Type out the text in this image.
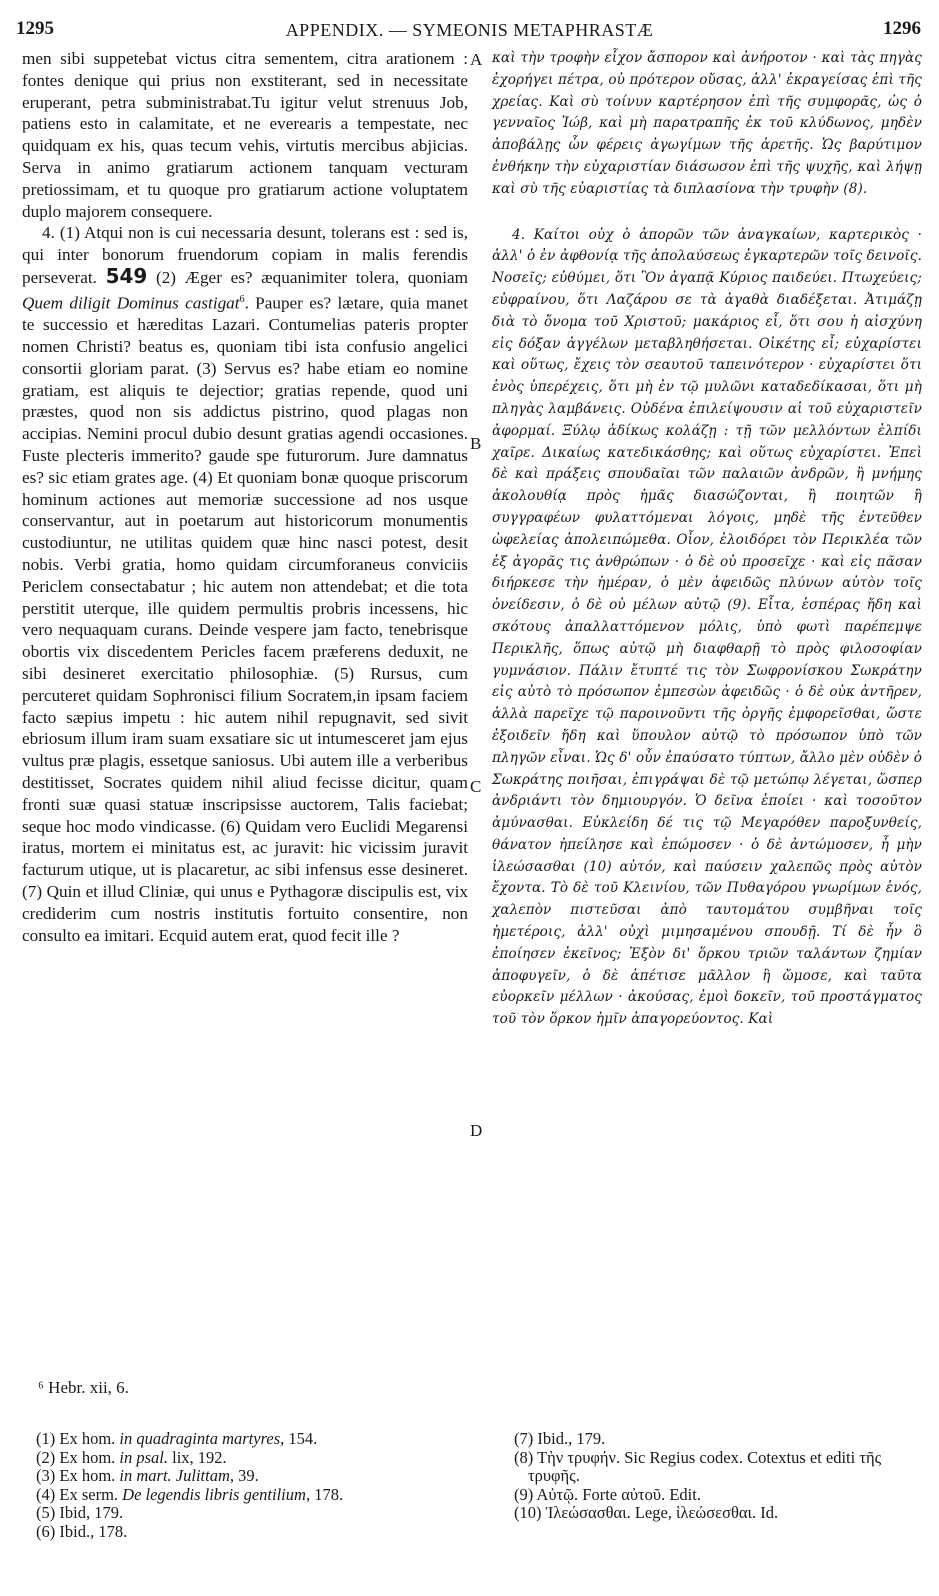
1295	APPENDIX. — SYMEONIS METAPHRASTÆ	1296

men sibi suppetebat victus citra sementem, citra arationem : fontes denique qui prius non exstiterant, sed in necessitate eruperant, petra subministrabat.Tu igitur velut strenuus Job, patiens esto in calamitate, et ne everearis a tempestate, nec quidquam ex his, quas tecum vehis, virtutis mercibus abjicias. Serva in animo gratiarum actionem tanquam vecturam pretiossimam, et tu quoque pro gratiarum actione voluptatem duplo majorem consequere.

4. (1) Atqui non is cui necessaria desunt, tolerans est : sed is, qui inter bonorum fruendorum copiam in malis ferendis perseverat. 549 (2) Æger es? æquanimiter tolera, quoniam Quem diligit Dominus castigat$^6$. Pauper es? lætare, quia manet te successio et hæreditas Lazari. Contumelias pateris propter nomen Christi? beatus es, quoniam tibi ista confusio angelici consortii gloriam parat. (3) Servus es? habe etiam eo nomine gratiam, est aliquis te dejectior; gratias rependе, quod uni præstes, quod non sis addictus pistrino, quod plagas non accipias. Nemini procul dubio desunt gratias agendi occasiones. Fuste plecteris immerito? gaude spe futurorum. Jure damnatus es? sic etiam grates age. (4) Et quoniam bonæ quoque priscorum hominum actiones aut memoriæ successione ad nos usque conservantur, aut in poetarum aut historicorum monumentis custodiuntur, ne utilitas quidem quæ hinc nasci potest, desit nobis. Verbi gratia, homo quidam circumforaneus conviciis Periclem consectabatur ; hic autem non attendebat; et die tota perstitit uterque, ille quidem permultis probris incessens, hic vero nequaquam curans. Deinde vespere jam facto, tenebrisque obortis vix discedentem Pericles facem præferens deduxit, ne sibi desineret exercitatio philosophiæ. (5) Rursus, cum percuteret quidam Sophronisci filium Socratem,in ipsam faciem facto sæpius impetu : hic autem nihil repugnavit, sed sivit ebriosum illum iram suam exsatiare sic ut intumesceret jam ejus vultus præ plagis, essetque saniosus. Ubi autem ille a verberibus destitisset, Socrates quidem nihil aliud fecisse dicitur, quam fronti suæ quasi statuæ inscripsisse auctorem, Talis faciebat; seque hoc modo vindicasse. (6) Quidam vero Euclidi Megarensi iratus, mortem ei minitatus est, ac juravit: hic vicissim juravit facturum utique, ut is placaretur, ac sibi infensus esse desineret. (7) Quin et illud Cliniæ, qui unus e Pythagoræ discipulis est, vix crediderim cum nostris institutis fortuito consentire, non consulto ea imitari. Ecquid autem erat, quod fecit ille ?

A
B
C
D

καὶ τὴν τροφὴν εἶχον ἄσπορον καὶ ἀνήροτον · καὶ τὰς πηγὰς ἐχορήγει πέτρα, οὐ πρότερον οὔσας, ἀλλ' ἐκραγείσας ἐπὶ τῆς χρείας. Καὶ σὺ τοίνυν καρτέρησον ἐπὶ τῆς συμφορᾶς, ὡς ὁ γενναῖος Ἰώβ, καὶ μὴ παρατραπῆς ἐκ τοῦ κλύδωνος, μηδὲν ἀποβάλῃς ὧν φέρεις ἀγωγίμων τῆς ἀρετῆς. Ὡς βαρύτιμον ἐνθήκην τὴν εὐχαριστίαν διάσωσον ἐπὶ τῆς ψυχῆς, καὶ λήψῃ καὶ σὺ τῆς εὐαριστίας τὰ διπλασίονα τὴν τρυφὴν (8).

4. Καίτοι οὐχ ὁ ἀπορῶν τῶν ἀναγκαίων, καρτερικὸς · ἀλλ' ὁ ἐν ἀφθονίᾳ τῆς ἀπολαύσεως ἐγκαρτερῶν τοῖς δεινοῖς. Νοσεῖς; εὐθύμει, ὅτι Ὃν ἀγαπᾷ Κύριος παιδεύει. Πτωχεύεις; εὐφραίνου, ὅτι Λαζάρου σε τὰ ἀγαθὰ διαδέξεται. Ἀτιμάζῃ διὰ τὸ ὄνομα τοῦ Χριστοῦ; μακάριος εἶ, ὅτι σου ἡ αἰσχύνη εἰς δόξαν ἀγγέλων μεταβληθήσεται. Οἰκέτης εἶ; εὐχαρίστει καὶ οὕτως, ἔχεις τὸν σεαυτοῦ ταπεινότερον · εὐχαρίστει ὅτι ἑνὸς ὑπερέχεις, ὅτι μὴ ἐν τῷ μυλῶνι καταδεδίκασαι, ὅτι μὴ πληγὰς λαμβάνεις. Οὐδένα ἐπιλείψουσιν αἱ τοῦ εὐχαριστεῖν ἀφορμαί. Ξύλῳ ἀδίκως κολάζῃ : τῇ τῶν μελλόντων ἐλπίδι χαῖρε. Δικαίως κατεδικάσθης; καὶ οὕτως εὐχαρίστει. Ἐπεὶ δὲ καὶ πράξεις σπουδαῖαι τῶν παλαιῶν ἀνδρῶν, ἢ μνήμης ἀκολουθίᾳ πρὸς ἡμᾶς διασώζονται, ἢ ποιητῶν ἢ συγγραφέων φυλαττόμεναι λόγοις, μηδὲ τῆς ἐντεῦθεν ὠφελείας ἀπολειπώμεθα. Οἷον, ἐλοιδόρει τὸν Περικλέα τῶν ἐξ ἀγορᾶς τις ἀνθρώπων · ὁ δὲ οὐ προσεῖχε · καὶ εἰς πᾶσαν διήρκεσε τὴν ἡμέραν, ὁ μὲν ἀφειδῶς πλύνων αὐτὸν τοῖς ὀνείδεσιν, ὁ δὲ οὐ μέλων αὐτῷ (9). Εἶτα, ἑσπέρας ἤδη καὶ σκότους ἀπαλλαττόμενον μόλις, ὑπὸ φωτὶ παρέπεμψε Περικλῆς, ὅπως αὐτῷ μὴ διαφθαρῇ τὸ πρὸς φιλοσοφίαν γυμνάσιον. Πάλιν ἔτυπτέ τις τὸν Σωφρονίσκου Σωκράτην εἰς αὐτὸ τὸ πρόσωπον ἐμπεσὼν ἀφειδῶς · ὁ δὲ οὐκ ἀντῆρεν, ἀλλὰ παρεῖχε τῷ παροινοῦντι τῆς ὀργῆς ἐμφορεῖσθαι, ὥστε ἐξοιδεῖν ἤδη καὶ ὕπουλον αὐτῷ τὸ πρόσωπον ὑπὸ τῶν πληγῶν εἶναι. Ὡς δ' οὖν ἐπαύσατο τύπτων, ἄλλο μὲν οὐδὲν ὁ Σωκράτης ποιῆσαι, ἐπιγράψαι δὲ τῷ μετώπῳ λέγεται, ὥσπερ ἀνδριάντι τὸν δημιουργόν. Ὁ δεῖνα ἐποίει · καὶ τοσοῦτον ἀμύνασθαι. Εὐκλείδη δέ τις τῷ Μεγαρόθεν παροξυνθείς, θάνατον ἠπείλησε καὶ ἐπώμοσεν · ὁ δὲ ἀντώμοσεν, ἦ μὴν ἱλεώσασθαι (10) αὐτόν, καὶ παύσειν χαλεπῶς πρὸς αὐτὸν ἔχοντα. Τὸ δὲ τοῦ Κλεινίου, τῶν Πυθαγόρου γνωρίμων ἑνός, χαλεπὸν πιστεῦσαι ἀπὸ ταυτομάτου συμβῆναι τοῖς ἡμετέροις, ἀλλ' οὐχὶ μιμησαμένου σπουδῇ. Τί δὲ ἦν ὃ ἐποίησεν ἐκεῖνος; Ἐξὸν δι' ὅρκου τριῶν ταλάντων ζημίαν ἀποφυγεῖν, ὁ δὲ ἀπέτισε μᾶλλον ἢ ὤμοσε, καὶ ταῦτα εὐορκεῖν μέλλων · ἀκούσας, ἐμοὶ δοκεῖν, τοῦ προστάγματος τοῦ τὸν ὅρκον ἡμῖν ἀπαγορεύοντος. Καὶ

⁶ Hebr. xii, 6.
(1) Ex hom. in quadraginta martyres, 154.
(2) Ex hom. in psal. lix, 192.
(3) Ex hom. in mart. Julittam, 39.
(4) Ex serm. De legendis libris gentilium, 178.
(5) Ibid, 179.
(6) Ibid., 178.
(7) Ibid., 179.
(8) Τὴν τρυφήν. Sic Regius codex. Cotextus et editi τῆς τρυφῆς.
(9) Αὐτῷ. Forte αὐτοῦ. Edit.
(10) Ἱλεώσασθαι. Lege, ἱλεώσεσθαι. Id.
